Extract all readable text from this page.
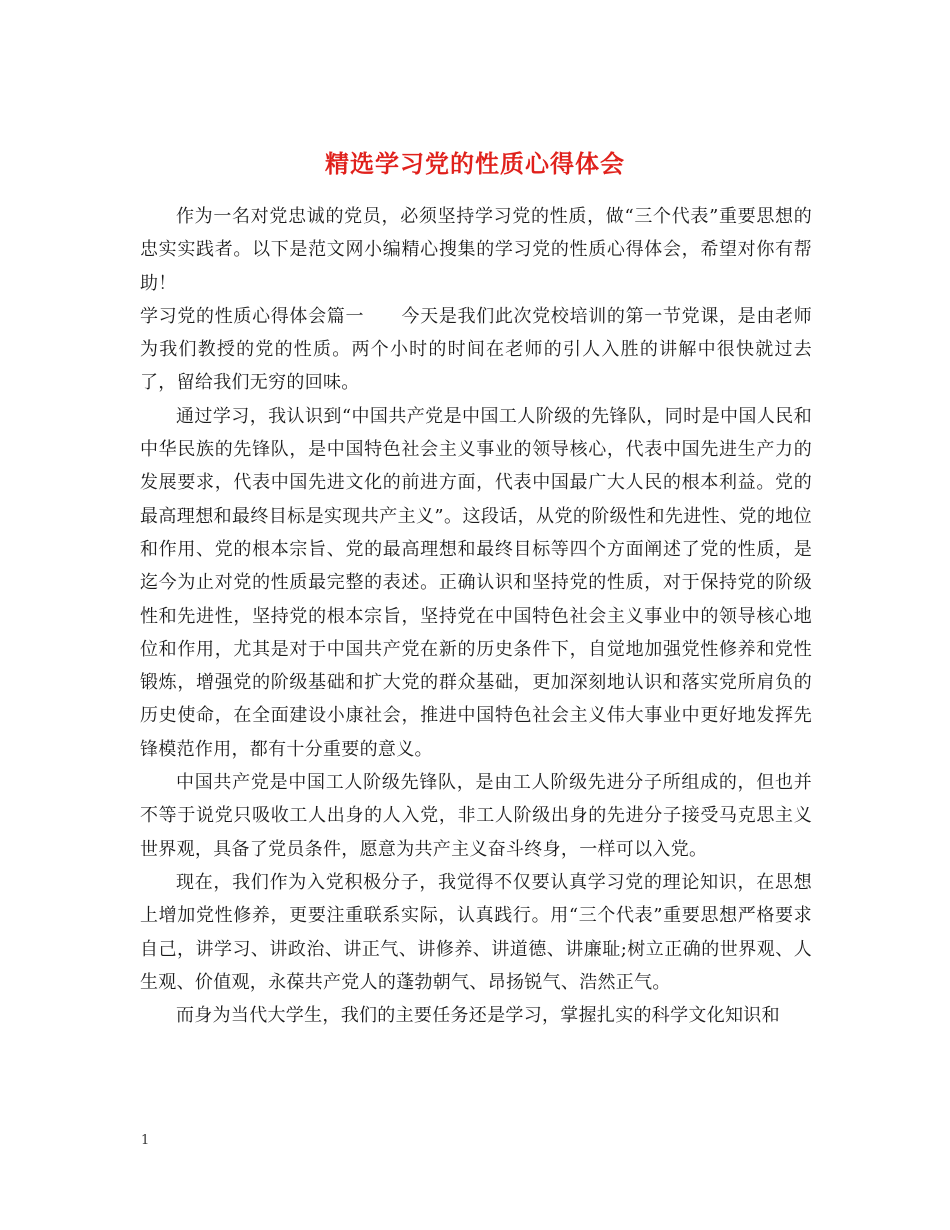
精选学习党的性质心得体会

作为一名对党忠诚的党员，必须坚持学习党的性质，做“三个代表”重要思想的忠实实践者。以下是范文网小编精心搜集的学习党的性质心得体会，希望对你有帮助！

学习党的性质心得体会篇一　　今天是我们此次党校培训的第一节党课，是由老师为我们教授的党的性质。两个小时的时间在老师的引人入胜的讲解中很快就过去了，留给我们无穷的回味。

通过学习，我认识到“中国共产党是中国工人阶级的先锋队，同时是中国人民和中华民族的先锋队，是中国特色社会主义事业的领导核心，代表中国先进生产力的发展要求，代表中国先进文化的前进方面，代表中国最广大人民的根本利益。党的最高理想和最终目标是实现共产主义”。这段话，从党的阶级性和先进性、党的地位和作用、党的根本宗旨、党的最高理想和最终目标等四个方面阐述了党的性质，是迄今为止对党的性质最完整的表述。正确认识和坚持党的性质，对于保持党的阶级性和先进性，坚持党的根本宗旨，坚持党在中国特色社会主义事业中的领导核心地位和作用，尤其是对于中国共产党在新的历史条件下，自觉地加强党性修养和党性锻炼，增强党的阶级基础和扩大党的群众基础，更加深刻地认识和落实党所肩负的历史使命，在全面建设小康社会，推进中国特色社会主义伟大事业中更好地发挥先锋模范作用，都有十分重要的意义。

中国共产党是中国工人阶级先锋队，是由工人阶级先进分子所组成的，但也并不等于说党只吸收工人出身的人入党，非工人阶级出身的先进分子接受马克思主义世界观，具备了党员条件，愿意为共产主义奋斗终身，一样可以入党。

现在，我们作为入党积极分子，我觉得不仅要认真学习党的理论知识，在思想上增加党性修养，更要注重联系实际，认真践行。用“三个代表”重要思想严格要求自己，讲学习、讲政治、讲正气、讲修养、讲道德、讲廉耻;树立正确的世界观、人生观、价值观，永葆共产党人的蓬勃朝气、昂扬锐气、浩然正气。

而身为当代大学生，我们的主要任务还是学习，掌握扎实的科学文化知识和

1
